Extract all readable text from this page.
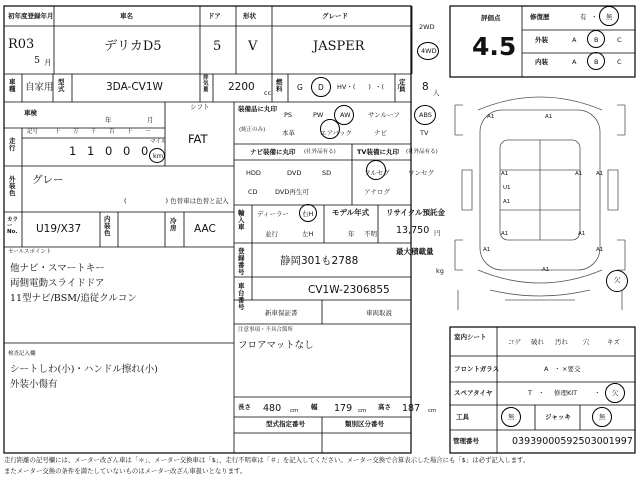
初年度登録年月
R03
5 月
車名
デリカD5
ドア
5
形状
V
グレード
JASPER
2WD
4WD
車種	自家用 型式	3DA-CV1W
排気量 2200 cc
燃料 G D HV・(　　) ・(　　)
定員	8 人
評価点
4.5
修復歴	有 ・ 無
外装	A	B	C
内装	A	B	C
車検
年	月
シフト
FAT
走行
記号	十 万 千 百 十 一
1 1 0 0 0
マイル
km
装備品に丸印
(純正のみ)
PS	PW	AW	サンルーフ	ABS
本革	エアバック	ナビ	TV
ナビ装備に丸印 (社外品有る)
HDD	DVD	SD
CD	DVD再生可
TV装備に丸印 (社外品有る)
フルセグ	ワンセグ
アナログ
外装色
グレー
(　　　　　　) 色替車は色替と記入
輸入車
ディーラー 右H
並行	左H
モデル年式
年 不明
リサイクル預託金
13,750 円
カラーNo.	U19/X37
内装色
冷房 AAC
最大積載量
kg
登録番号
静岡301も2788
車台番号
CV1W-2306855
新車保証書	車両取説
セールスポイント
他ナビ・スマートキー
両側電動スライドドア
11型ナビ/BSM/追従クルコン
注意事項・不具合箇所
フロアマットなし
検査記入欄
シートしわ(小)・ハンドル擦れ(小)
外装小傷有
長さ 480 cm 幅 179 cm 高さ 187 cm
型式指定番号	類別区分番号
室内シート
コゲ 破れ 汚れ 穴	キズ
フロントガラス	A ・ ×要交
スペアタイヤ	T ・ 修理KIT	・ 欠
工具	無	ジャッキ	無
管理番号	03939000592503001997
A1	A1
A1
U1
A1
A1 A1
A1	A1
A1
A1	A1
欠
走行距離の記号欄には、メーター改ざん車は「＊」、メーター交換車は「$」、走行不明車は「＃」を記入してください。メーター交換で合算表示した場合にも「$」は必ず記入します。
またメーター交換の条件を満たしていないものはメーター改ざん車扱いとなります。
